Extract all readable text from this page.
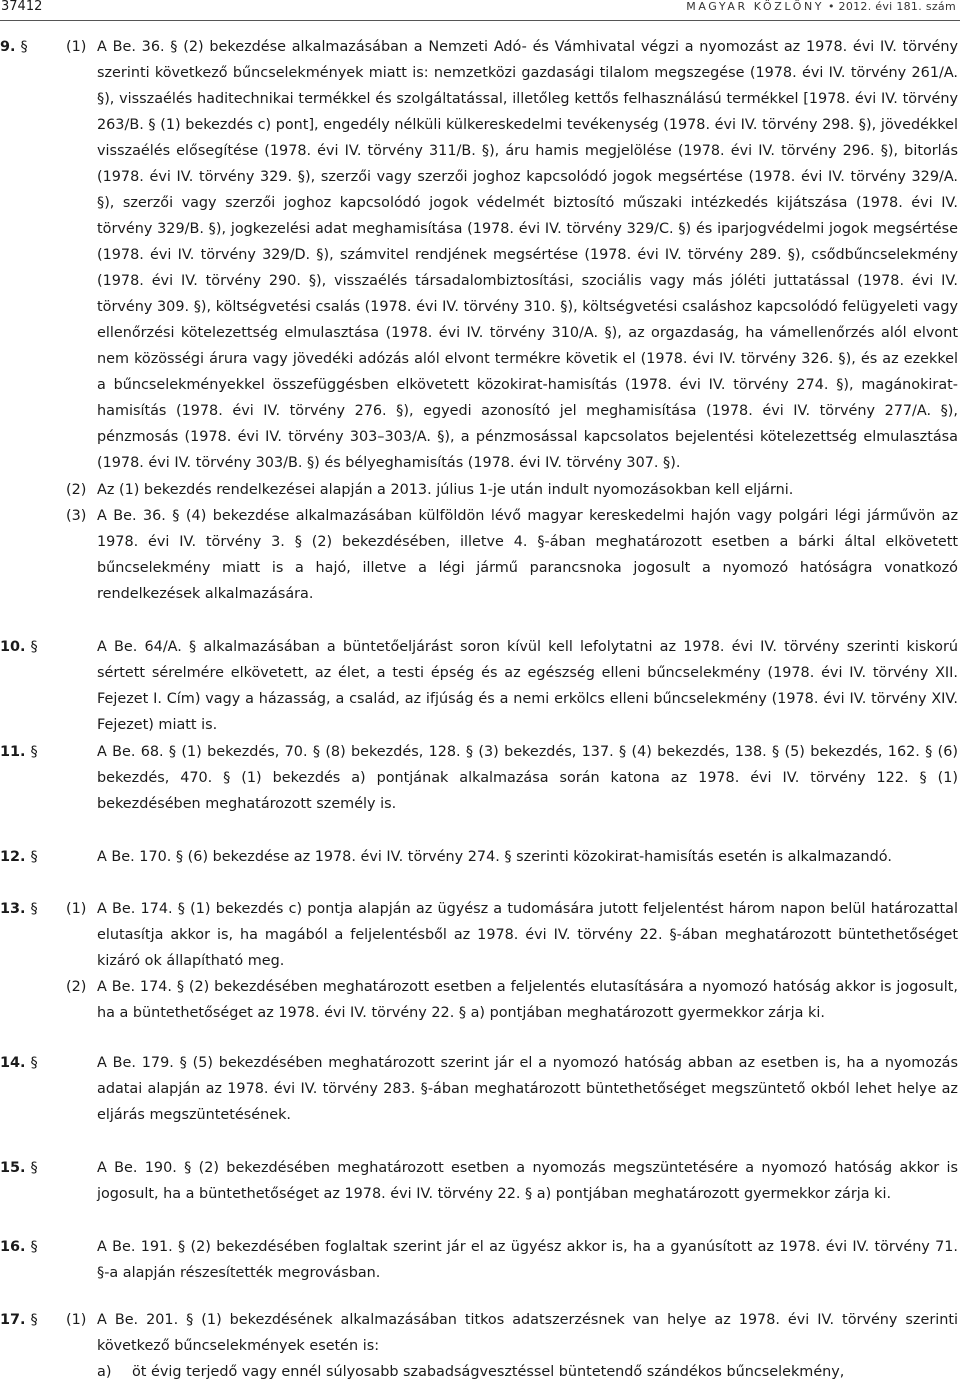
37412	MAGYAR KÖZLÖNY • 2012. évi 181. szám
9. §	(1) A Be. 36. § (2) bekezdése alkalmazásában a Nemzeti Adó- és Vámhivatal végzi a nyomozást az 1978. évi IV. törvény szerinti következő bűncselekmények miatt is: nemzetközi gazdasági tilalom megszegése (1978. évi IV. törvény 261/A. §), visszaélés haditechnikai termékkel és szolgáltatással, illetőleg kettős felhasználású termékkel [1978. évi IV. törvény 263/B. § (1) bekezdés c) pont], engedély nélküli külkereskedelmi tevékenység (1978. évi IV. törvény 298. §), jövedékkel visszaélés elősegítése (1978. évi IV. törvény 311/B. §), áru hamis megjelölése (1978. évi IV. törvény 296. §), bitorlás (1978. évi IV. törvény 329. §), szerzői vagy szerzői joghoz kapcsolódó jogok megsértése (1978. évi IV. törvény 329/A. §), szerzői vagy szerzői joghoz kapcsolódó jogok védelmét biztosító műszaki intézkedés kijátszása (1978. évi IV. törvény 329/B. §), jogkezelési adat meghamisítása (1978. évi IV. törvény 329/C. §) és iparjogvédelmi jogok megsértése (1978. évi IV. törvény 329/D. §), számvitel rendjének megsértése (1978. évi IV. törvény 289. §), csődbűncselekmény (1978. évi IV. törvény 290. §), visszaélés társadalombiztosítási, szociális vagy más jóléti juttatással (1978. évi IV. törvény 309. §), költségvetési csalás (1978. évi IV. törvény 310. §), költségvetési csaláshoz kapcsolódó felügyeleti vagy ellenőrzési kötelezettség elmulasztása (1978. évi IV. törvény 310/A. §), az orgazdaság, ha vámellenőrzés alól elvont nem közösségi árura vagy jövedéki adózás alól elvont termékre követik el (1978. évi IV. törvény 326. §), és az ezekkel a bűncselekményekkel összefüggésben elkövetett közokirat-hamisítás (1978. évi IV. törvény 274. §), magánokirat-hamisítás (1978. évi IV. törvény 276. §), egyedi azonosító jel meghamisítása (1978. évi IV. törvény 277/A. §), pénzmosás (1978. évi IV. törvény 303–303/A. §), a pénzmosással kapcsolatos bejelentési kötelezettség elmulasztása (1978. évi IV. törvény 303/B. §) és bélyeghamisítás (1978. évi IV. törvény 307. §).
(2) Az (1) bekezdés rendelkezései alapján a 2013. július 1-je után indult nyomozásokban kell eljárni.
(3) A Be. 36. § (4) bekezdése alkalmazásában külföldön lévő magyar kereskedelmi hajón vagy polgári légi járművön az 1978. évi IV. törvény 3. § (2) bekezdésében, illetve 4. §-ában meghatározott esetben a bárki által elkövetett bűncselekmény miatt is a hajó, illetve a légi jármű parancsnoka jogosult a nyomozó hatóságra vonatkozó rendelkezések alkalmazására.
10. §	A Be. 64/A. § alkalmazásában a büntetőeljárást soron kívül kell lefolytatni az 1978. évi IV. törvény szerinti kiskorú sértett sérelmére elkövetett, az élet, a testi épség és az egészség elleni bűncselekmény (1978. évi IV. törvény XII. Fejezet I. Cím) vagy a házasság, a család, az ifjúság és a nemi erkölcs elleni bűncselekmény (1978. évi IV. törvény XIV. Fejezet) miatt is.
11. §	A Be. 68. § (1) bekezdés, 70. § (8) bekezdés, 128. § (3) bekezdés, 137. § (4) bekezdés, 138. § (5) bekezdés, 162. § (6) bekezdés, 470. § (1) bekezdés a) pontjának alkalmazása során katona az 1978. évi IV. törvény 122. § (1) bekezdésében meghatározott személy is.
12. §	A Be. 170. § (6) bekezdése az 1978. évi IV. törvény 274. § szerinti közokirat-hamisítás esetén is alkalmazandó.
13. § (1) A Be. 174. § (1) bekezdés c) pontja alapján az ügyész a tudomására jutott feljelentést három napon belül határozattal elutasítja akkor is, ha magából a feljelentésből az 1978. évi IV. törvény 22. §-ában meghatározott büntethetőséget kizáró ok állapítható meg.
(2) A Be. 174. § (2) bekezdésében meghatározott esetben a feljelentés elutasítására a nyomozó hatóság akkor is jogosult, ha a büntethetőséget az 1978. évi IV. törvény 22. § a) pontjában meghatározott gyermekkor zárja ki.
14. §	A Be. 179. § (5) bekezdésében meghatározott szerint jár el a nyomozó hatóság abban az esetben is, ha a nyomozás adatai alapján az 1978. évi IV. törvény 283. §-ában meghatározott büntethetőséget megszüntető okból lehet helye az eljárás megszüntetésének.
15. §	A Be. 190. § (2) bekezdésében meghatározott esetben a nyomozás megszüntetésére a nyomozó hatóság akkor is jogosult, ha a büntethetőséget az 1978. évi IV. törvény 22. § a) pontjában meghatározott gyermekkor zárja ki.
16. §	A Be. 191. § (2) bekezdésében foglaltak szerint jár el az ügyész akkor is, ha a gyanúsított az 1978. évi IV. törvény 71. §-a alapján részesítették megrovásban.
17. § (1) A Be. 201. § (1) bekezdésének alkalmazásában titkos adatszerzésnek van helye az 1978. évi IV. törvény szerinti következő bűncselekmények esetén is:
a) öt évig terjedő vagy ennél súlyosabb szabadságvesztéssel büntetendő szándékos bűncselekmény,
